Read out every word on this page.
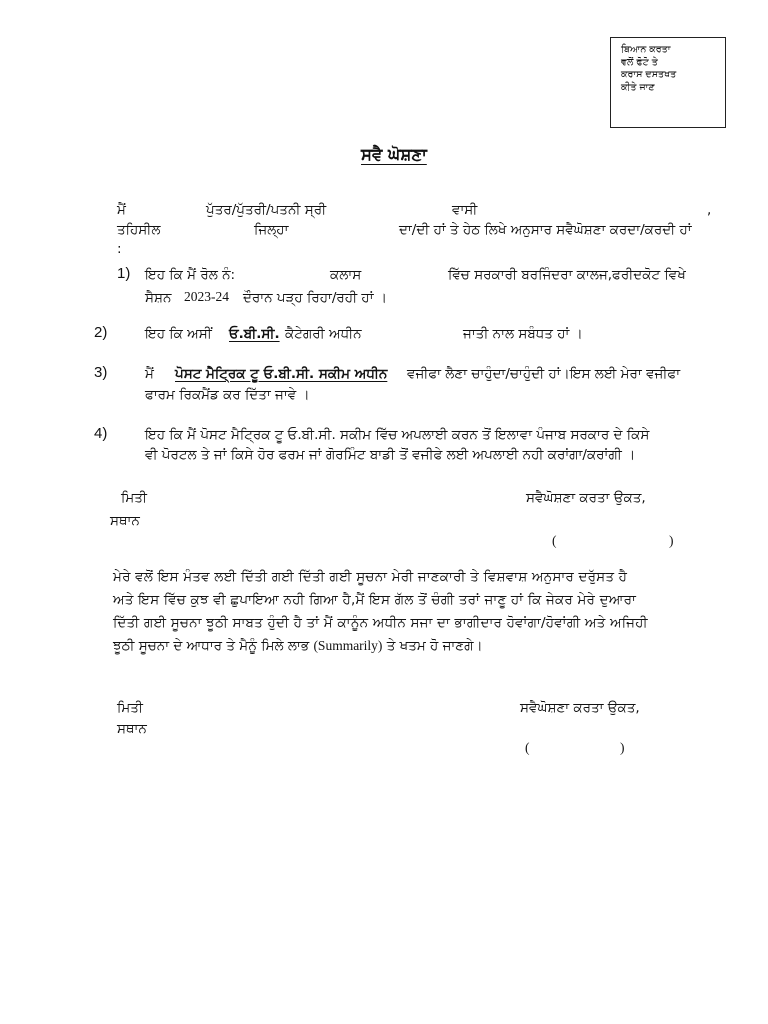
ਬਿਆਨ ਕਰਤਾ
ਵਲੋਂ ਫੋਟੋ ਤੇ
ਕਰਾਸ ਦਸਤਖਤ
ਕੀਤੇ ਜਾਣ
ਸਵੈ ਘੋਸ਼ਣਾ
ਮੈਂ	ਪੁੱਤਰ/ਪੁੱਤਰੀ/ਪਤਨੀ ਸ੍ਰੀ	ਵਾਸੀ	,
ਤਹਿਸੀਲ	ਜਿਲ੍ਹਾ	ਦਾ/ਦੀ ਹਾਂ ਤੇ ਹੇਠ ਲਿਖੇ ਅਨੁਸਾਰ ਸਵੈਘੋਸ਼ਣਾ ਕਰਦਾ/ਕਰਦੀ ਹਾਂ
:
1) ਇਹ ਕਿ ਮੈਂ ਰੋਲ ਨੰ:	ਕਲਾਸ	ਵਿੱਚ ਸਰਕਾਰੀ ਬਰਜਿੰਦਰਾ ਕਾਲਜ,ਫਰੀਦਕੋਟ ਵਿਖੇ
ਸੈਸ਼ਨ 2023-24 ਦੌਰਾਨ ਪੜ੍ਹ ਰਿਹਾ/ਰਹੀ ਹਾਂ ।
2)	ਇਹ ਕਿ ਅਸੀਂ ਓ.ਬੀ.ਸੀ. ਕੈਟੇਗਰੀ ਅਧੀਨ	ਜਾਤੀ ਨਾਲ ਸਬੰਧਤ ਹਾਂ ।
3)	ਮੈਂ ਪੋਸਟ ਮੈਟ੍ਰਿਕ ਟੂ ਓ.ਬੀ.ਸੀ. ਸਕੀਮ ਅਧੀਨ ਵਜੀਫਾ ਲੈਣਾ ਚਾਹੁੰਦਾ/ਚਾਹੁੰਦੀ ਹਾਂ।ਇਸ ਲਈ ਮੇਰਾ ਵਜੀਫਾ
ਫਾਰਮ ਰਿਕਮੈਂਡ ਕਰ ਦਿੱਤਾ ਜਾਵੇ ।
4)	ਇਹ ਕਿ ਮੈਂ ਪੋਸਟ ਮੈਟ੍ਰਿਕ ਟੂ ਓ.ਬੀ.ਸੀ. ਸਕੀਮ ਵਿੱਚ ਅਪਲਾਈ ਕਰਨ ਤੋਂ ਇਲਾਵਾ ਪੰਜਾਬ ਸਰਕਾਰ ਦੇ ਕਿਸੇ
ਵੀ ਪੋਰਟਲ ਤੇ ਜਾਂ ਕਿਸੇ ਹੋਰ ਫਰਮ ਜਾਂ ਗੋਰਮਿੰਟ ਬਾਡੀ ਤੋਂ ਵਜੀਫੇ ਲਈ ਅਪਲਾਈ ਨਹੀ ਕਰਾਂਗਾ/ਕਰਾਂਗੀ ।
ਮਿਤੀ	ਸਵੈਘੋਸ਼ਣਾ ਕਰਤਾ ਉਕਤ,
ਸਥਾਨ
(	)
ਮੇਰੇ ਵਲੋਂ ਇਸ ਮੰਤਵ ਲਈ ਦਿੱਤੀ ਗਈ ਦਿੱਤੀ ਗਈ ਸੂਚਨਾ ਮੇਰੀ ਜਾਣਕਾਰੀ ਤੇ ਵਿਸ਼ਵਾਸ਼ ਅਨੁਸਾਰ ਦਰੁੱਸਤ ਹੈ
ਅਤੇ ਇਸ ਵਿੱਚ ਕੁਝ ਵੀ ਛੁਪਾਇਆ ਨਹੀ ਗਿਆ ਹੈ,ਮੈਂ ਇਸ ਗੱਲ ਤੋਂ ਚੰਗੀ ਤਰਾਂ ਜਾਣੂ ਹਾਂ ਕਿ ਜੇਕਰ ਮੇਰੇ ਦੁਆਰਾ
ਦਿੱਤੀ ਗਈ ਸੂਚਨਾ ਝੂਠੀ ਸਾਬਤ ਹੁੰਦੀ ਹੈ ਤਾਂ ਮੈਂ ਕਾਨੂੰਨ ਅਧੀਨ ਸਜਾ ਦਾ ਭਾਗੀਦਾਰ ਹੋਵਾਂਗਾ/ਹੋਵਾਂਗੀ ਅਤੇ ਅਜਿਹੀ
ਝੂਠੀ ਸੂਚਨਾ ਦੇ ਆਧਾਰ ਤੇ ਮੈਨੂੰ ਮਿਲੇ ਲਾਭ (Summarily) ਤੇ ਖਤਮ ਹੋ ਜਾਣਗੇ।
ਮਿਤੀ	ਸਵੈਘੋਸ਼ਣਾ ਕਰਤਾ ਉਕਤ,
ਸਥਾਨ
(	)
